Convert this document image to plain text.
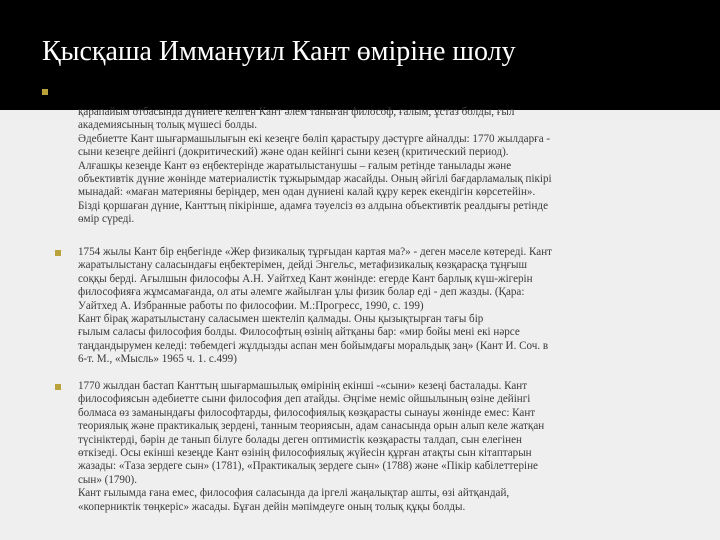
Қысқаша Иммануил Кант өміріне шолу
қарапайым отбасында дүниеге келген Кант әлем таныған философ, ғалым, ұстаз болды, ғыл
академиясының толық мүшесі болды.
Әдебиетте Кант шығармашылығын екі кезеңге бөліп қарастыру дәстүрге айналды: 1770 жылдарға -
сыни кезеңге дейінгі (докритический) және одан кейінгі сыни кезең (критический период).
Алғашқы кезеңде Кант өз еңбектерінде жаратылыстанушы – ғалым ретінде танылады және
объективтік дүние жөнінде материалистік тұжырымдар жасайды. Оның әйгілі бағдарламалық пікірі
мынадай: «маған материяны беріңдер, мен одан дүниені калай құру керек екендігін көрсетейін».
Бізді қоршаған дүние, Канттың пікірінше, адамға тәуелсіз өз алдына объективтік реалдығы ретінде
өмір сүреді.
1754 жылы Кант бір еңбегінде «Жер физикалық тұрғыдан картая ма?» - деген мәселе көтереді. Кант
жаратылыстану саласындағы еңбектерімен, дейді Энгельс, метафизикалық көзқарасқа тұңғыш
соққы берді. Ағылшын философы А.Н. Уайтхед Кант жөнінде: егерде Кант барлық күш-жігерін
философияға жұмсамағанда, ол аты әлемге жайылған ұлы физик болар еді - деп жазды. (Қара:
Уайтхед А. Избранные работы по философии. М.:Прогресс, 1990, с. 199)
Кант бірақ жаратылыстану саласымен шектеліп қалмады. Оны қызықтырған тағы бір
ғылым саласы философия болды. Философтың өзінің айтқаны бар: «мир бойы мені екі нәрсе
таңдандырумен келеді: төбемдегі жұлдызды аспан мен бойымдағы моральдық заң» (Кант И. Соч. в
6-т. М., «Мысль» 1965 ч. 1. с.499)
1770 жылдан бастап Канттың шығармашылық өмірінің екінші -«сыни» кезеңі басталады. Кант
философиясын әдебиетте сыни философия деп атайды. Әңгіме неміс ойшылының өзіне дейінгі
болмаса өз заманындағы философтарды, философиялық көзқарасты сынауы жөнінде емес: Кант
теориялық және практикалық зердені, танным теориясын, адам санасында орын алып келе жатқан
түсініктерді, бәрін де танып білуге болады деген оптимистік көзқарасты талдап, сын елегінен
өткізеді. Осы екінші кезеңде Кант өзінің философиялық жүйесін құрған атақты сын кітаптарын
жазады: «Таза зердеге сын» (1781), «Практикалық зердеге сын» (1788) және «Пікір кабілеттеріне
сын» (1790).
Кант ғылымда ғана емес, философия саласында да іргелі жаңалықтар ашты, өзі айтқандай,
«коперниктік төңкеріс» жасады. Бұған дейін мәпімдеуге оның толық құқы болды.
